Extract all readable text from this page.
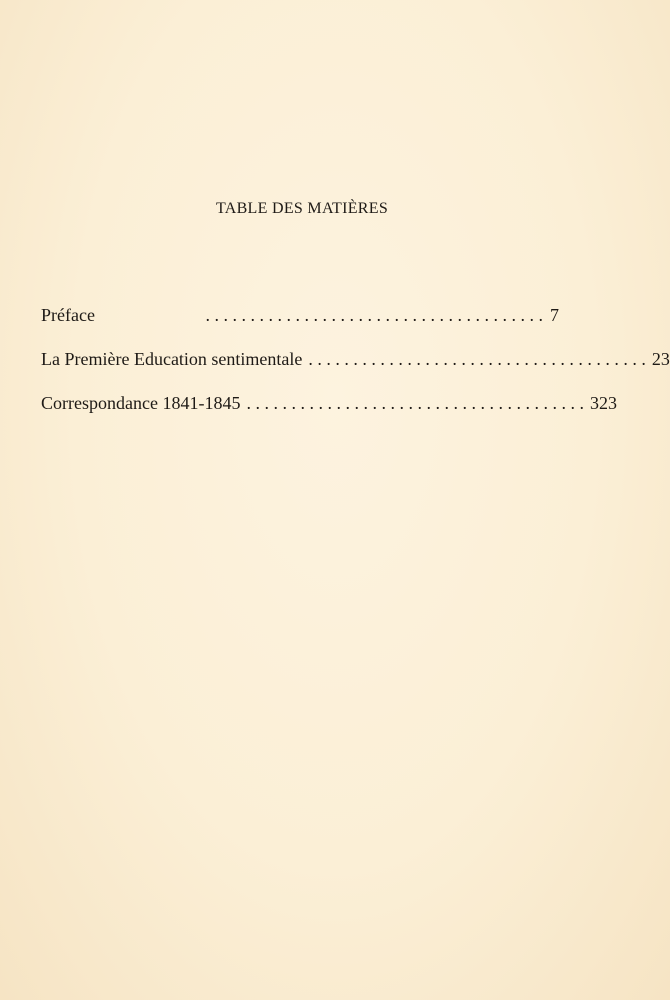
TABLE DES MATIÈRES
Préface	. . . . . . . . . . . . . . . . . . . . . . . . . . . . . . . . . . . . . . 7
La Première Education sentimentale . . . . . . . . . . . . . . . . . . . . . . . . . . . . . . . . . . . . . . 23
Correspondance 1841-1845 . . . . . . . . . . . . . . . . . . . . . . . . . . . . . . . . . . . . . . 323
